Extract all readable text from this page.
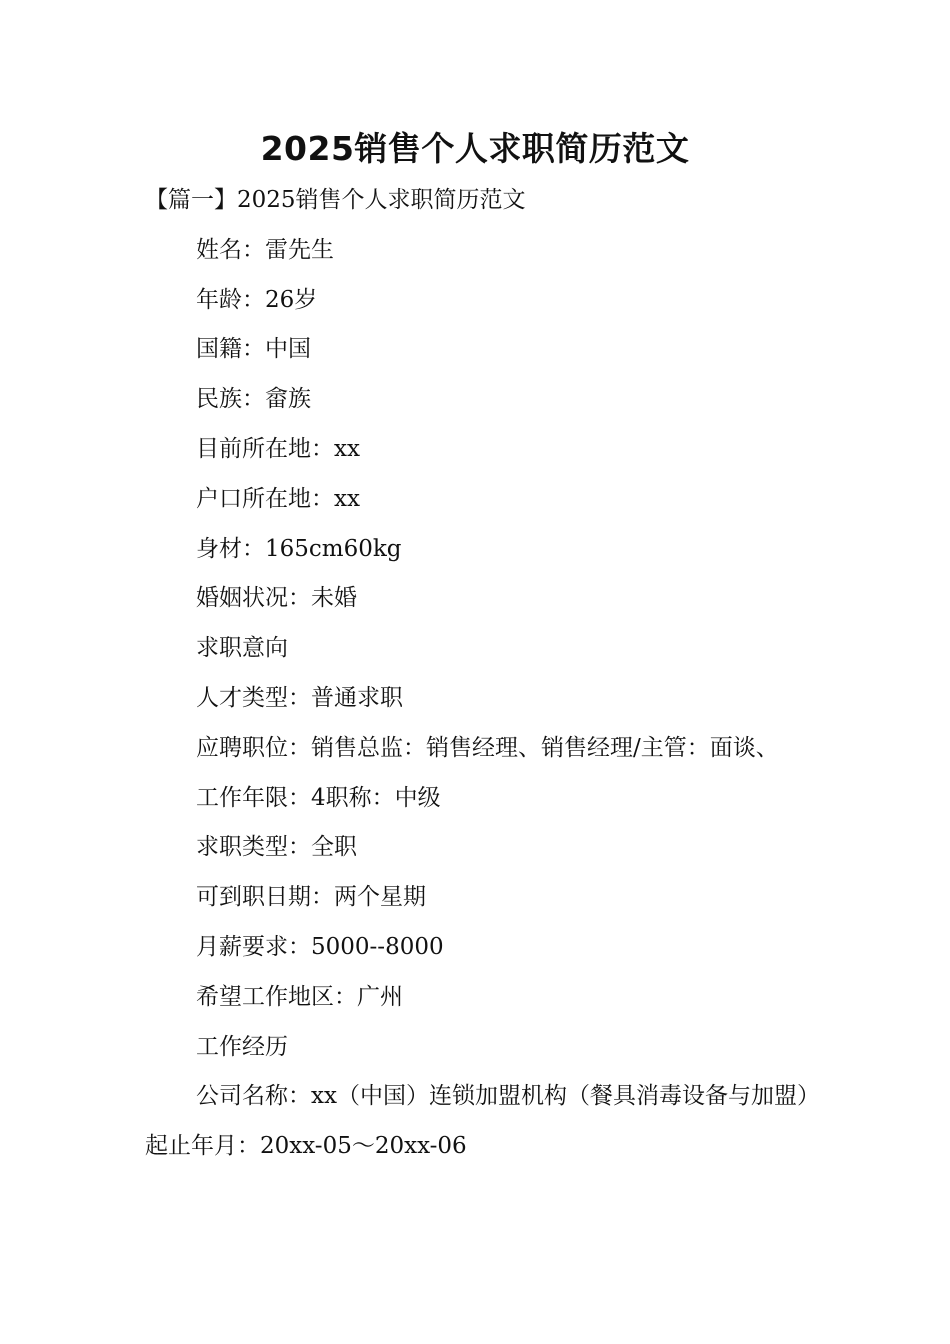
2025销售个人求职简历范文

【篇一】2025销售个人求职简历范文

姓名：雷先生

年龄：26岁

国籍：中国

民族：畲族

目前所在地：xx

户口所在地：xx

身材：165cm60kg

婚姻状况：未婚

求职意向

人才类型：普通求职

应聘职位：销售总监：销售经理、销售经理/主管：面谈、

工作年限：4职称：中级

求职类型：全职

可到职日期：两个星期

月薪要求：5000--8000

希望工作地区：广州

工作经历

公司名称：xx（中国）连锁加盟机构（餐具消毒设备与加盟）起止年月：20xx-05～20xx-06
